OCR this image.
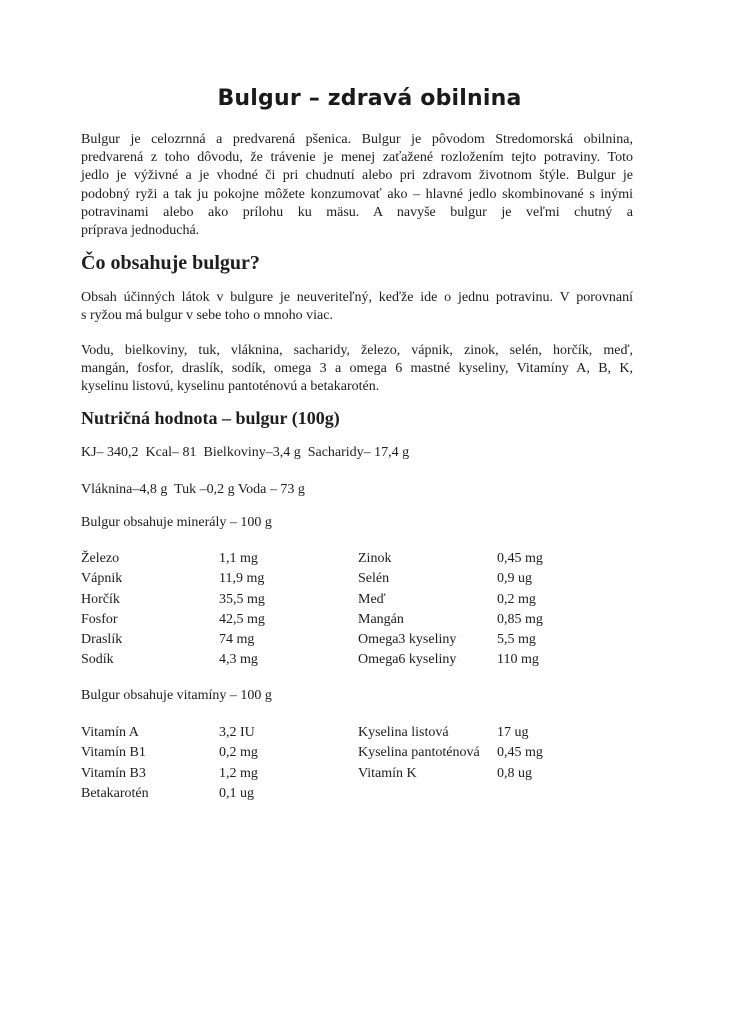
Bulgur – zdravá obilnina
Bulgur je celozrnná a predvarená pšenica. Bulgur je pôvodom Stredomorská obilnina,
predvarená z toho dôvodu, že trávenie je menej zaťažené rozložením tejto potraviny. Toto
jedlo je výživné a je vhodné či pri chudnutí alebo pri zdravom životnom štýle. Bulgur je
podobný ryži a tak ju pokojne môžete konzumovať ako – hlavné jedlo skombinované s inými
potravinami alebo ako prílohu ku mäsu. A navyše bulgur je veľmi chutný a
príprava jednoduchá.
Čo obsahuje bulgur?
Obsah účinných látok v bulgure je neuveriteľný, keďže ide o jednu potravinu. V porovnaní
s ryžou má bulgur v sebe toho o mnoho viac.
Vodu, bielkoviny, tuk, vláknina, sacharidy, železo, vápnik, zinok, selén, horčík, meď,
mangán, fosfor, draslík, sodík, omega 3 a omega 6 mastné kyseliny, Vitamíny A, B, K,
kyselinu listovú, kyselinu pantoténovú a betakarotén.
Nutričná hodnota – bulgur (100g)

KJ– 340,2  Kcal– 81  Bielkoviny–3,4 g  Sacharidy– 17,4 g

Vláknina–4,8 g  Tuk –0,2 g Voda – 73 g

Bulgur obsahuje minerály – 100 g

Železo	1,1 mg	Zinok	0,45 mg
Vápnik	11,9 mg	Selén	0,9 ug
Horčík	35,5 mg	Meď	0,2 mg
Fosfor	42,5 mg	Mangán	0,85 mg
Draslík	74 mg	Omega3 kyseliny	5,5 mg
Sodík	4,3 mg	Omega6 kyseliny	110 mg

Bulgur obsahuje vitamíny – 100 g

Vitamín A	3,2 IU	Kyselina listová	17 ug
Vitamín B1	0,2 mg	Kyselina pantoténová 0,45 mg
Vitamín B3	1,2 mg	Vitamín K	0,8 ug
Betakarotén	0,1 ug
